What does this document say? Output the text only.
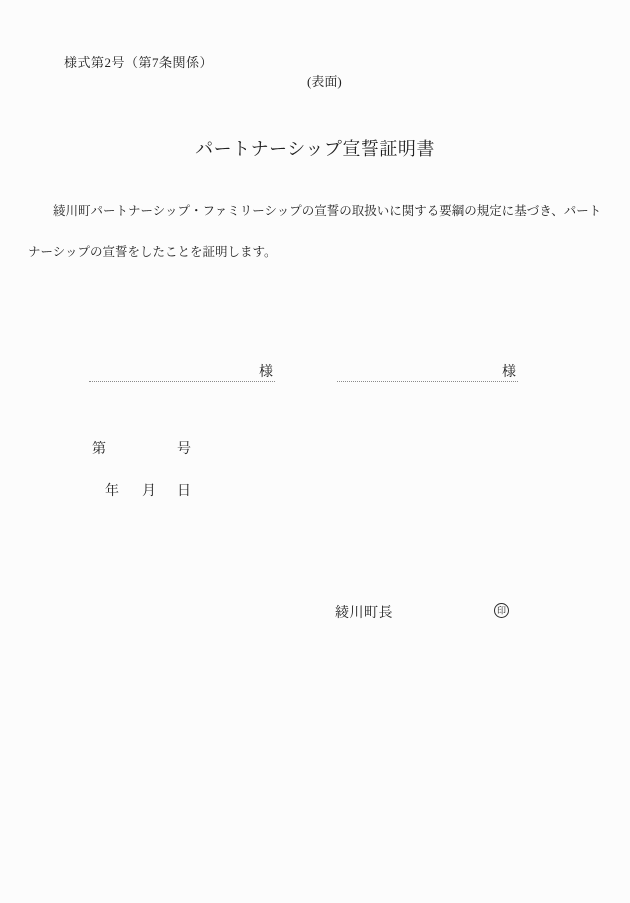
様式第2号（第7条関係）
(表面)
パートナーシップ宣誓証明書
綾川町パートナーシップ・ファミリーシップの宣誓の取扱いに関する要綱の規定に基づき、パート
ナーシップの宣誓をしたことを証明します。
様	様
第	号
年 月 日
綾川町長	印
